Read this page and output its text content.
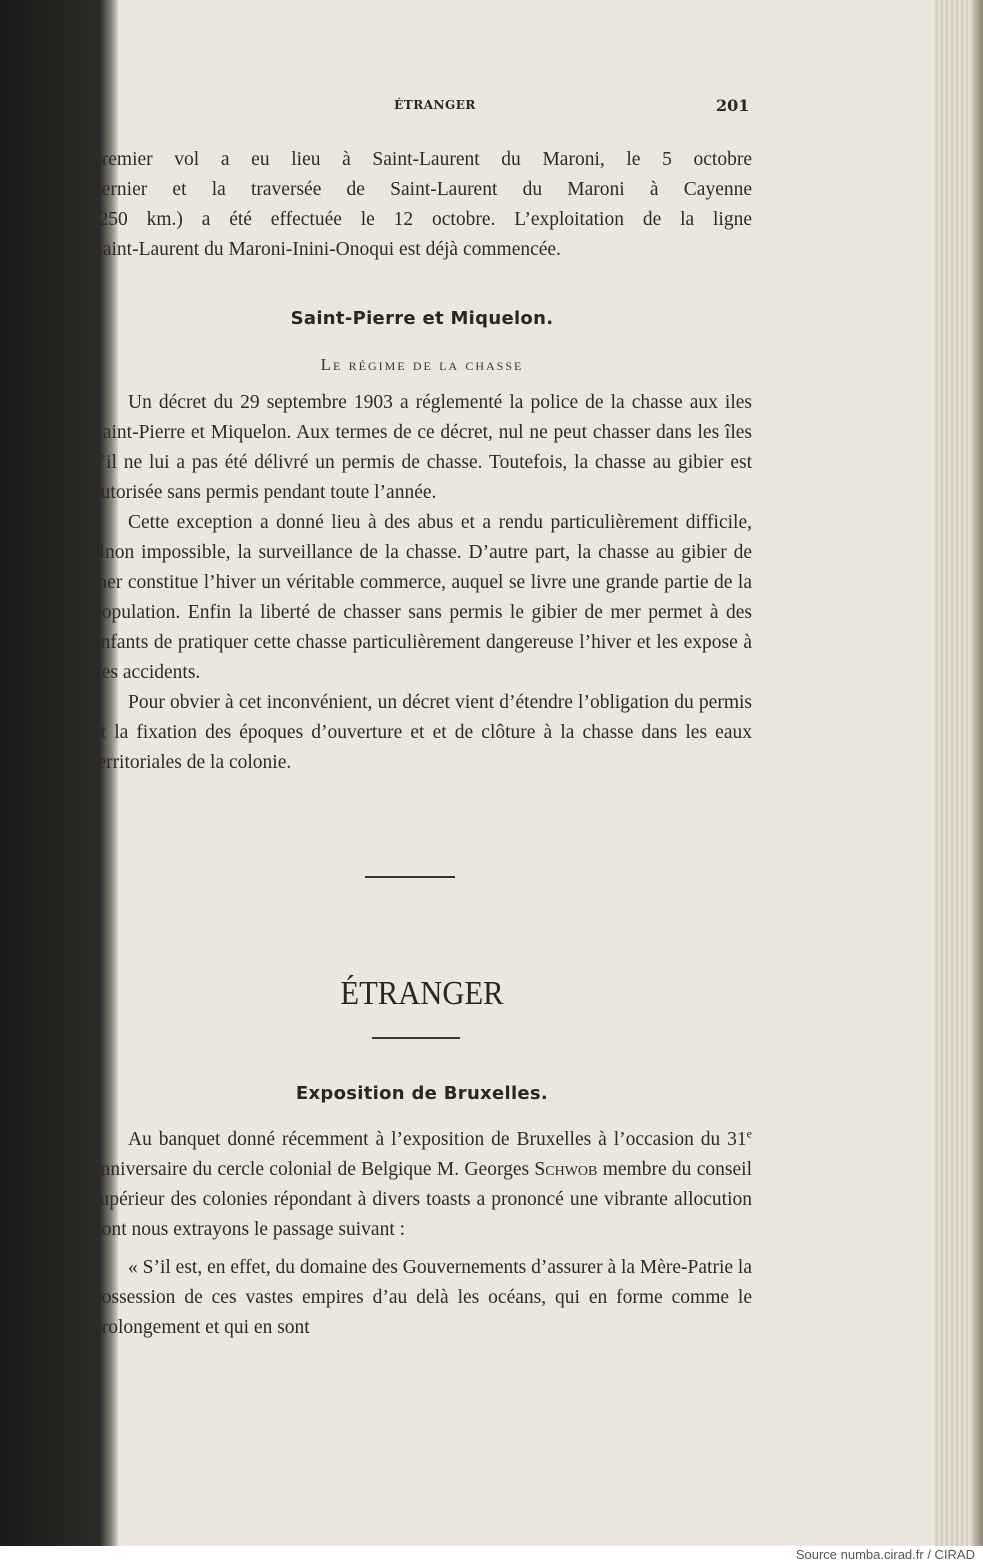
ÉTRANGER	201
premier vol a eu lieu à Saint-Laurent du Maroni, le 5 octobre
dernier et la traversée de Saint-Laurent du Maroni à Cayenne
(250 km.) a été effectuée le 12 octobre. L’exploitation de la ligne
Saint-Laurent du Maroni-Inini-Onoqui est déjà commencée.
Saint-Pierre et Miquelon.
Le régime de la chasse

Un décret du 29 septembre 1903 a réglementé la police de la chasse aux iles Saint-Pierre et Miquelon. Aux termes de ce décret, nul ne peut chasser dans les îles s’il ne lui a pas été délivré un permis de chasse. Toutefois, la chasse au gibier est autorisée sans permis pendant toute l’année.

Cette exception a donné lieu à des abus et a rendu particulièrement difficile, sinon impossible, la surveillance de la chasse. D’autre part, la chasse au gibier de mer constitue l’hiver un véritable commerce, auquel se livre une grande partie de la population. Enfin la liberté de chasser sans permis le gibier de mer permet à des enfants de pratiquer cette chasse particulièrement dangereuse l’hiver et les expose à des accidents.

Pour obvier à cet inconvénient, un décret vient d’étendre l’obligation du permis et la fixation des époques d’ouverture et et de clôture à la chasse dans les eaux territoriales de la colonie.

ÉTRANGER
Exposition de Bruxelles.

Au banquet donné récemment à l’exposition de Bruxelles à l’occasion du 31e anniversaire du cercle colonial de Belgique M. Georges Schwob membre du conseil supérieur des colonies répondant à divers toasts a prononcé une vibrante allocution dont nous extrayons le passage suivant :

« S’il est, en effet, du domaine des Gouvernements d’assurer à la Mère-Patrie la possession de ces vastes empires d’au delà les océans, qui en forme comme le prolongement et qui en sont

Source numba.cirad.fr / CIRAD
